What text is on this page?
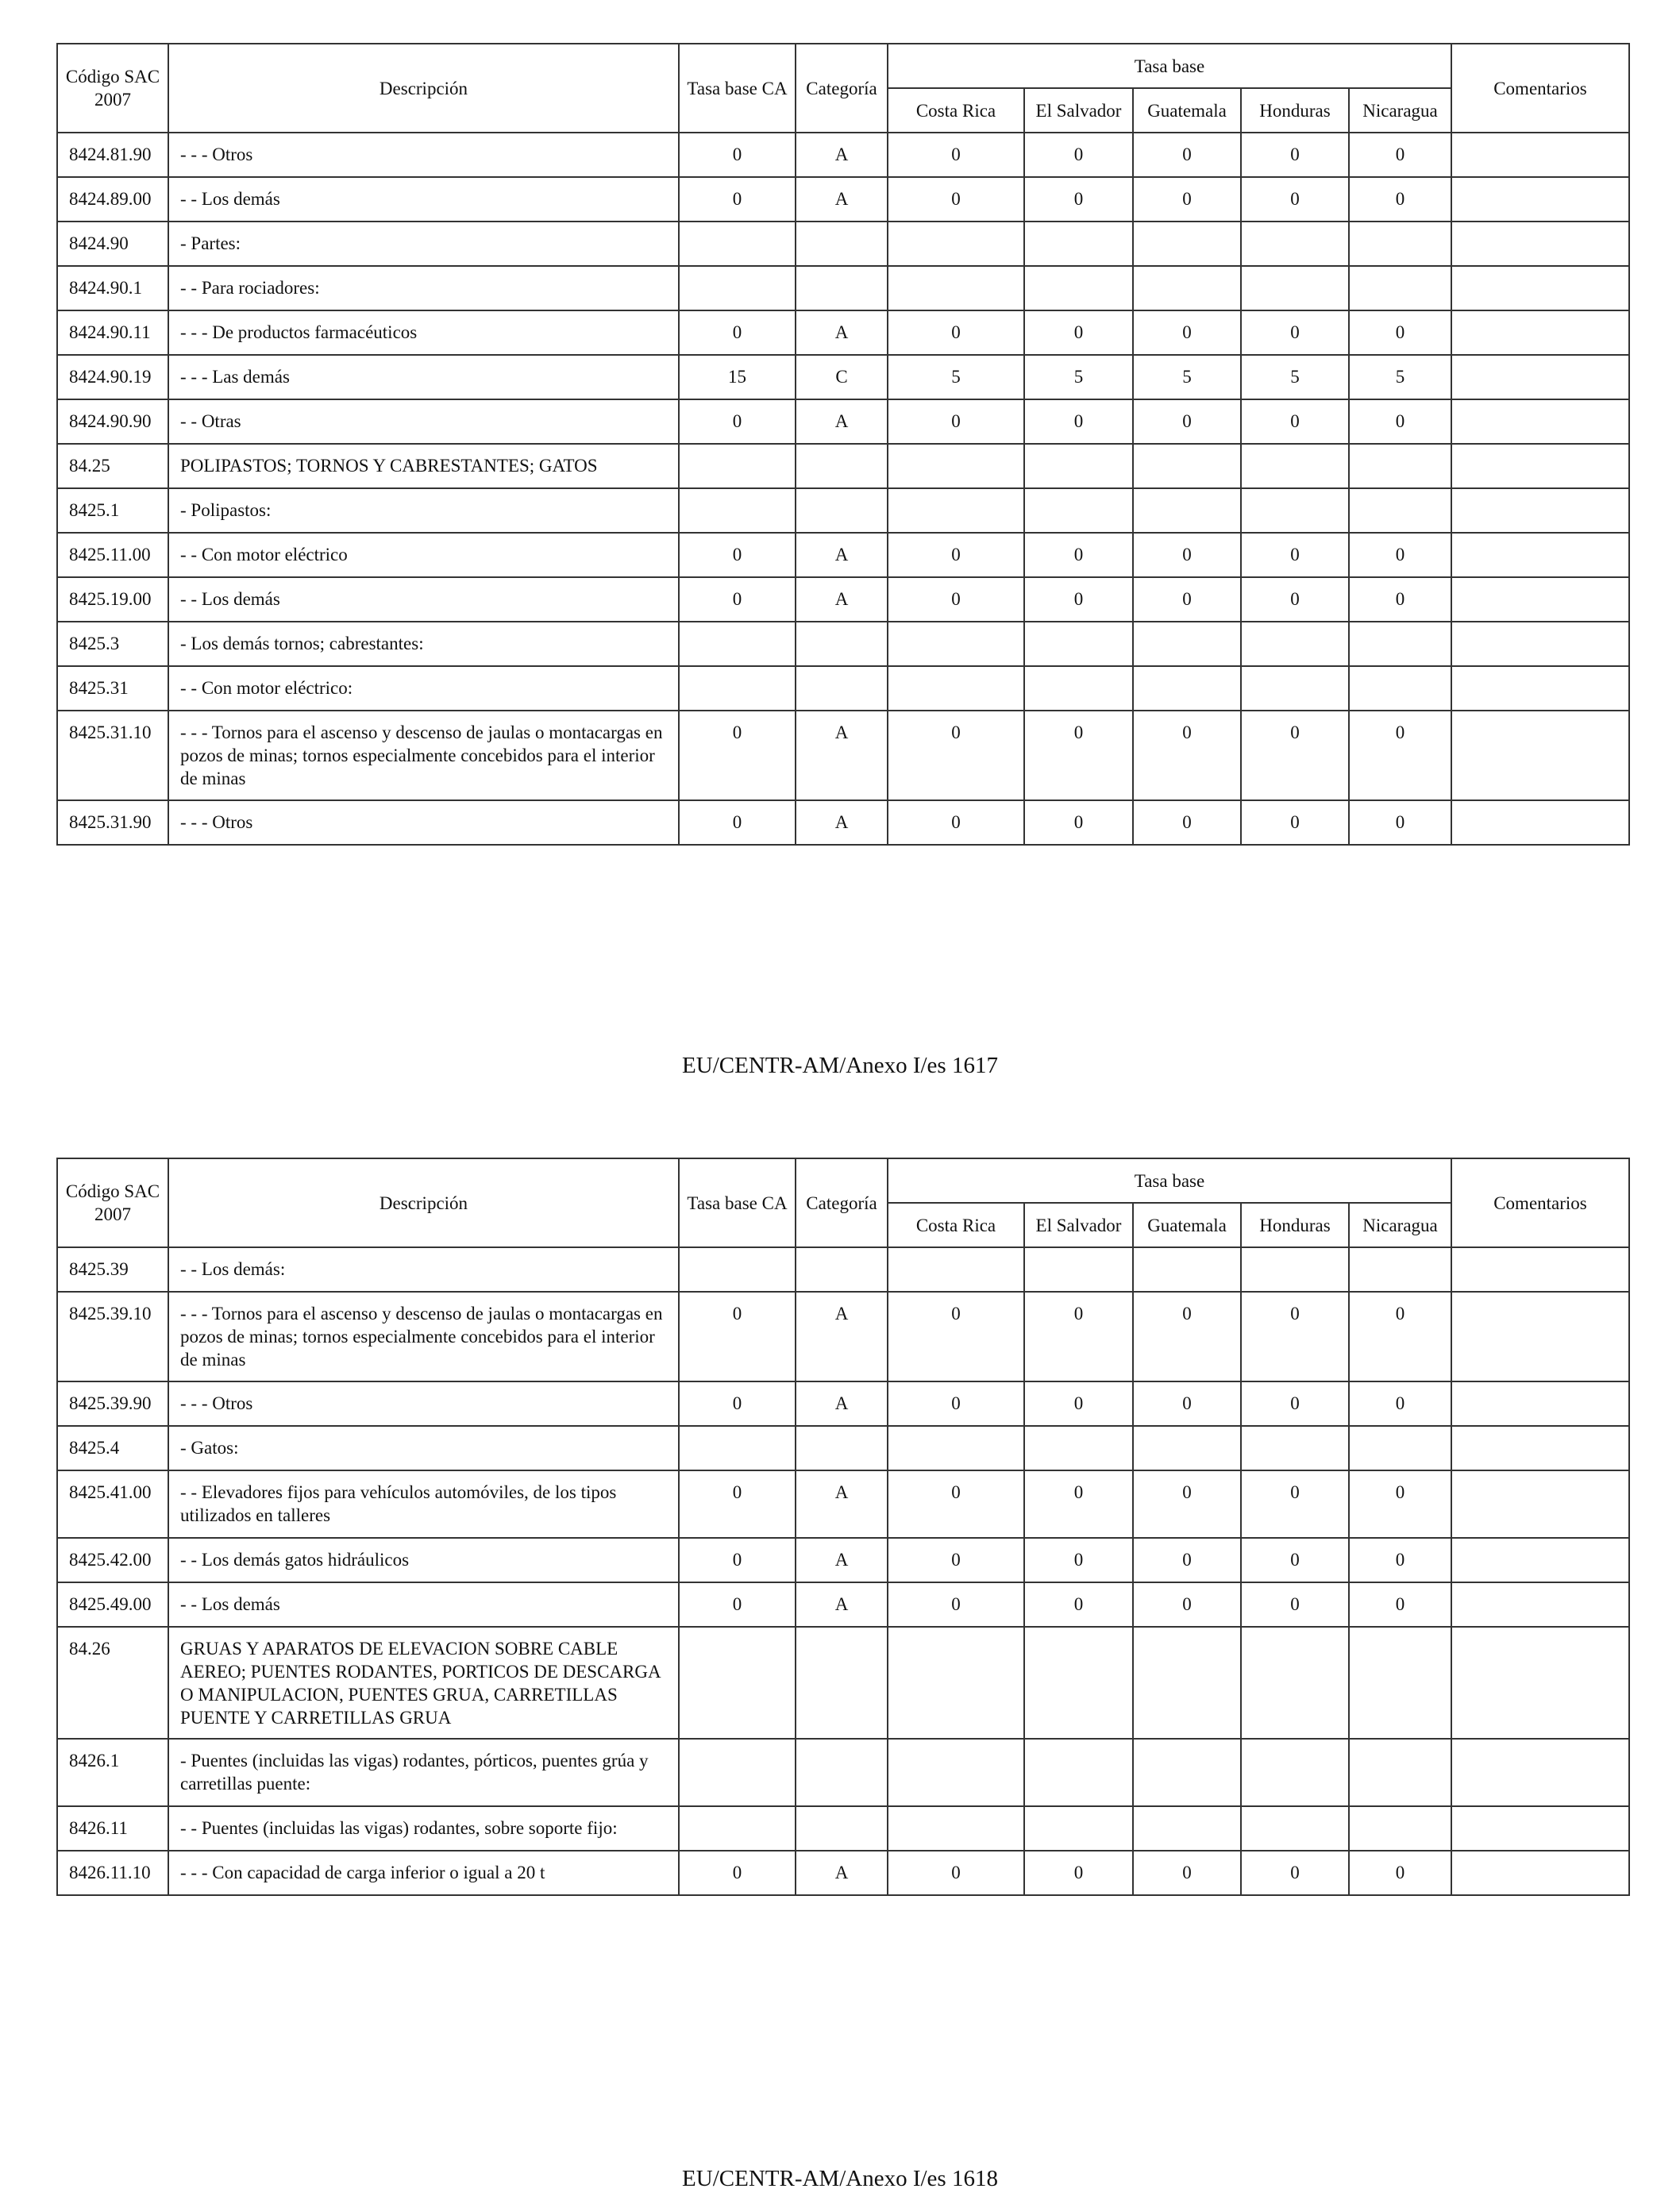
Código SAC 2007	Descripción	Tasa base CA	Categoría	Tasa base					Comentarios
				Costa Rica	El Salvador	Guatemala	Honduras	Nicaragua	
8424.81.90	- - - Otros	0	A	0	0	0	0	0	
8424.89.00	- - Los demás	0	A	0	0	0	0	0	
8424.90	- Partes:								
8424.90.1	- - Para rociadores:								
8424.90.11	- - - De productos farmacéuticos	0	A	0	0	0	0	0	
8424.90.19	- - - Las demás	15	C	5	5	5	5	5	
8424.90.90	- - Otras	0	A	0	0	0	0	0	
84.25	POLIPASTOS; TORNOS Y CABRESTANTES; GATOS								
8425.1	- Polipastos:								
8425.11.00	- - Con motor eléctrico	0	A	0	0	0	0	0	
8425.19.00	- - Los demás	0	A	0	0	0	0	0	
8425.3	- Los demás tornos; cabrestantes:								
8425.31	- - Con motor eléctrico:								
8425.31.10	- - - Tornos para el ascenso y descenso de jaulas o montacargas en pozos de minas; tornos especialmente concebidos para el interior de minas	0	A	0	0	0	0	0	
8425.31.90	- - - Otros	0	A	0	0	0	0	0	
EU/CENTR-AM/Anexo I/es 1617
Código SAC 2007	Descripción	Tasa base CA	Categoría	Tasa base					Comentarios
				Costa Rica	El Salvador	Guatemala	Honduras	Nicaragua	
8425.39	- - Los demás:								
8425.39.10	- - - Tornos para el ascenso y descenso de jaulas o montacargas en pozos de minas; tornos especialmente concebidos para el interior de minas	0	A	0	0	0	0	0	
8425.39.90	- - - Otros	0	A	0	0	0	0	0	
8425.4	- Gatos:								
8425.41.00	- - Elevadores fijos para vehículos automóviles, de los tipos utilizados en talleres	0	A	0	0	0	0	0	
8425.42.00	- - Los demás gatos hidráulicos	0	A	0	0	0	0	0	
8425.49.00	- - Los demás	0	A	0	0	0	0	0	
84.26	GRUAS Y APARATOS DE ELEVACION SOBRE CABLE AEREO; PUENTES RODANTES, PORTICOS DE DESCARGA O MANIPULACION, PUENTES GRUA, CARRETILLAS PUENTE Y CARRETILLAS GRUA								
8426.1	- Puentes (incluidas las vigas) rodantes, pórticos, puentes grúa y carretillas puente:								
8426.11	- - Puentes (incluidas las vigas) rodantes, sobre soporte fijo:								
8426.11.10	- - - Con capacidad de carga inferior o igual a 20 t	0	A	0	0	0	0	0	
EU/CENTR-AM/Anexo I/es 1618
